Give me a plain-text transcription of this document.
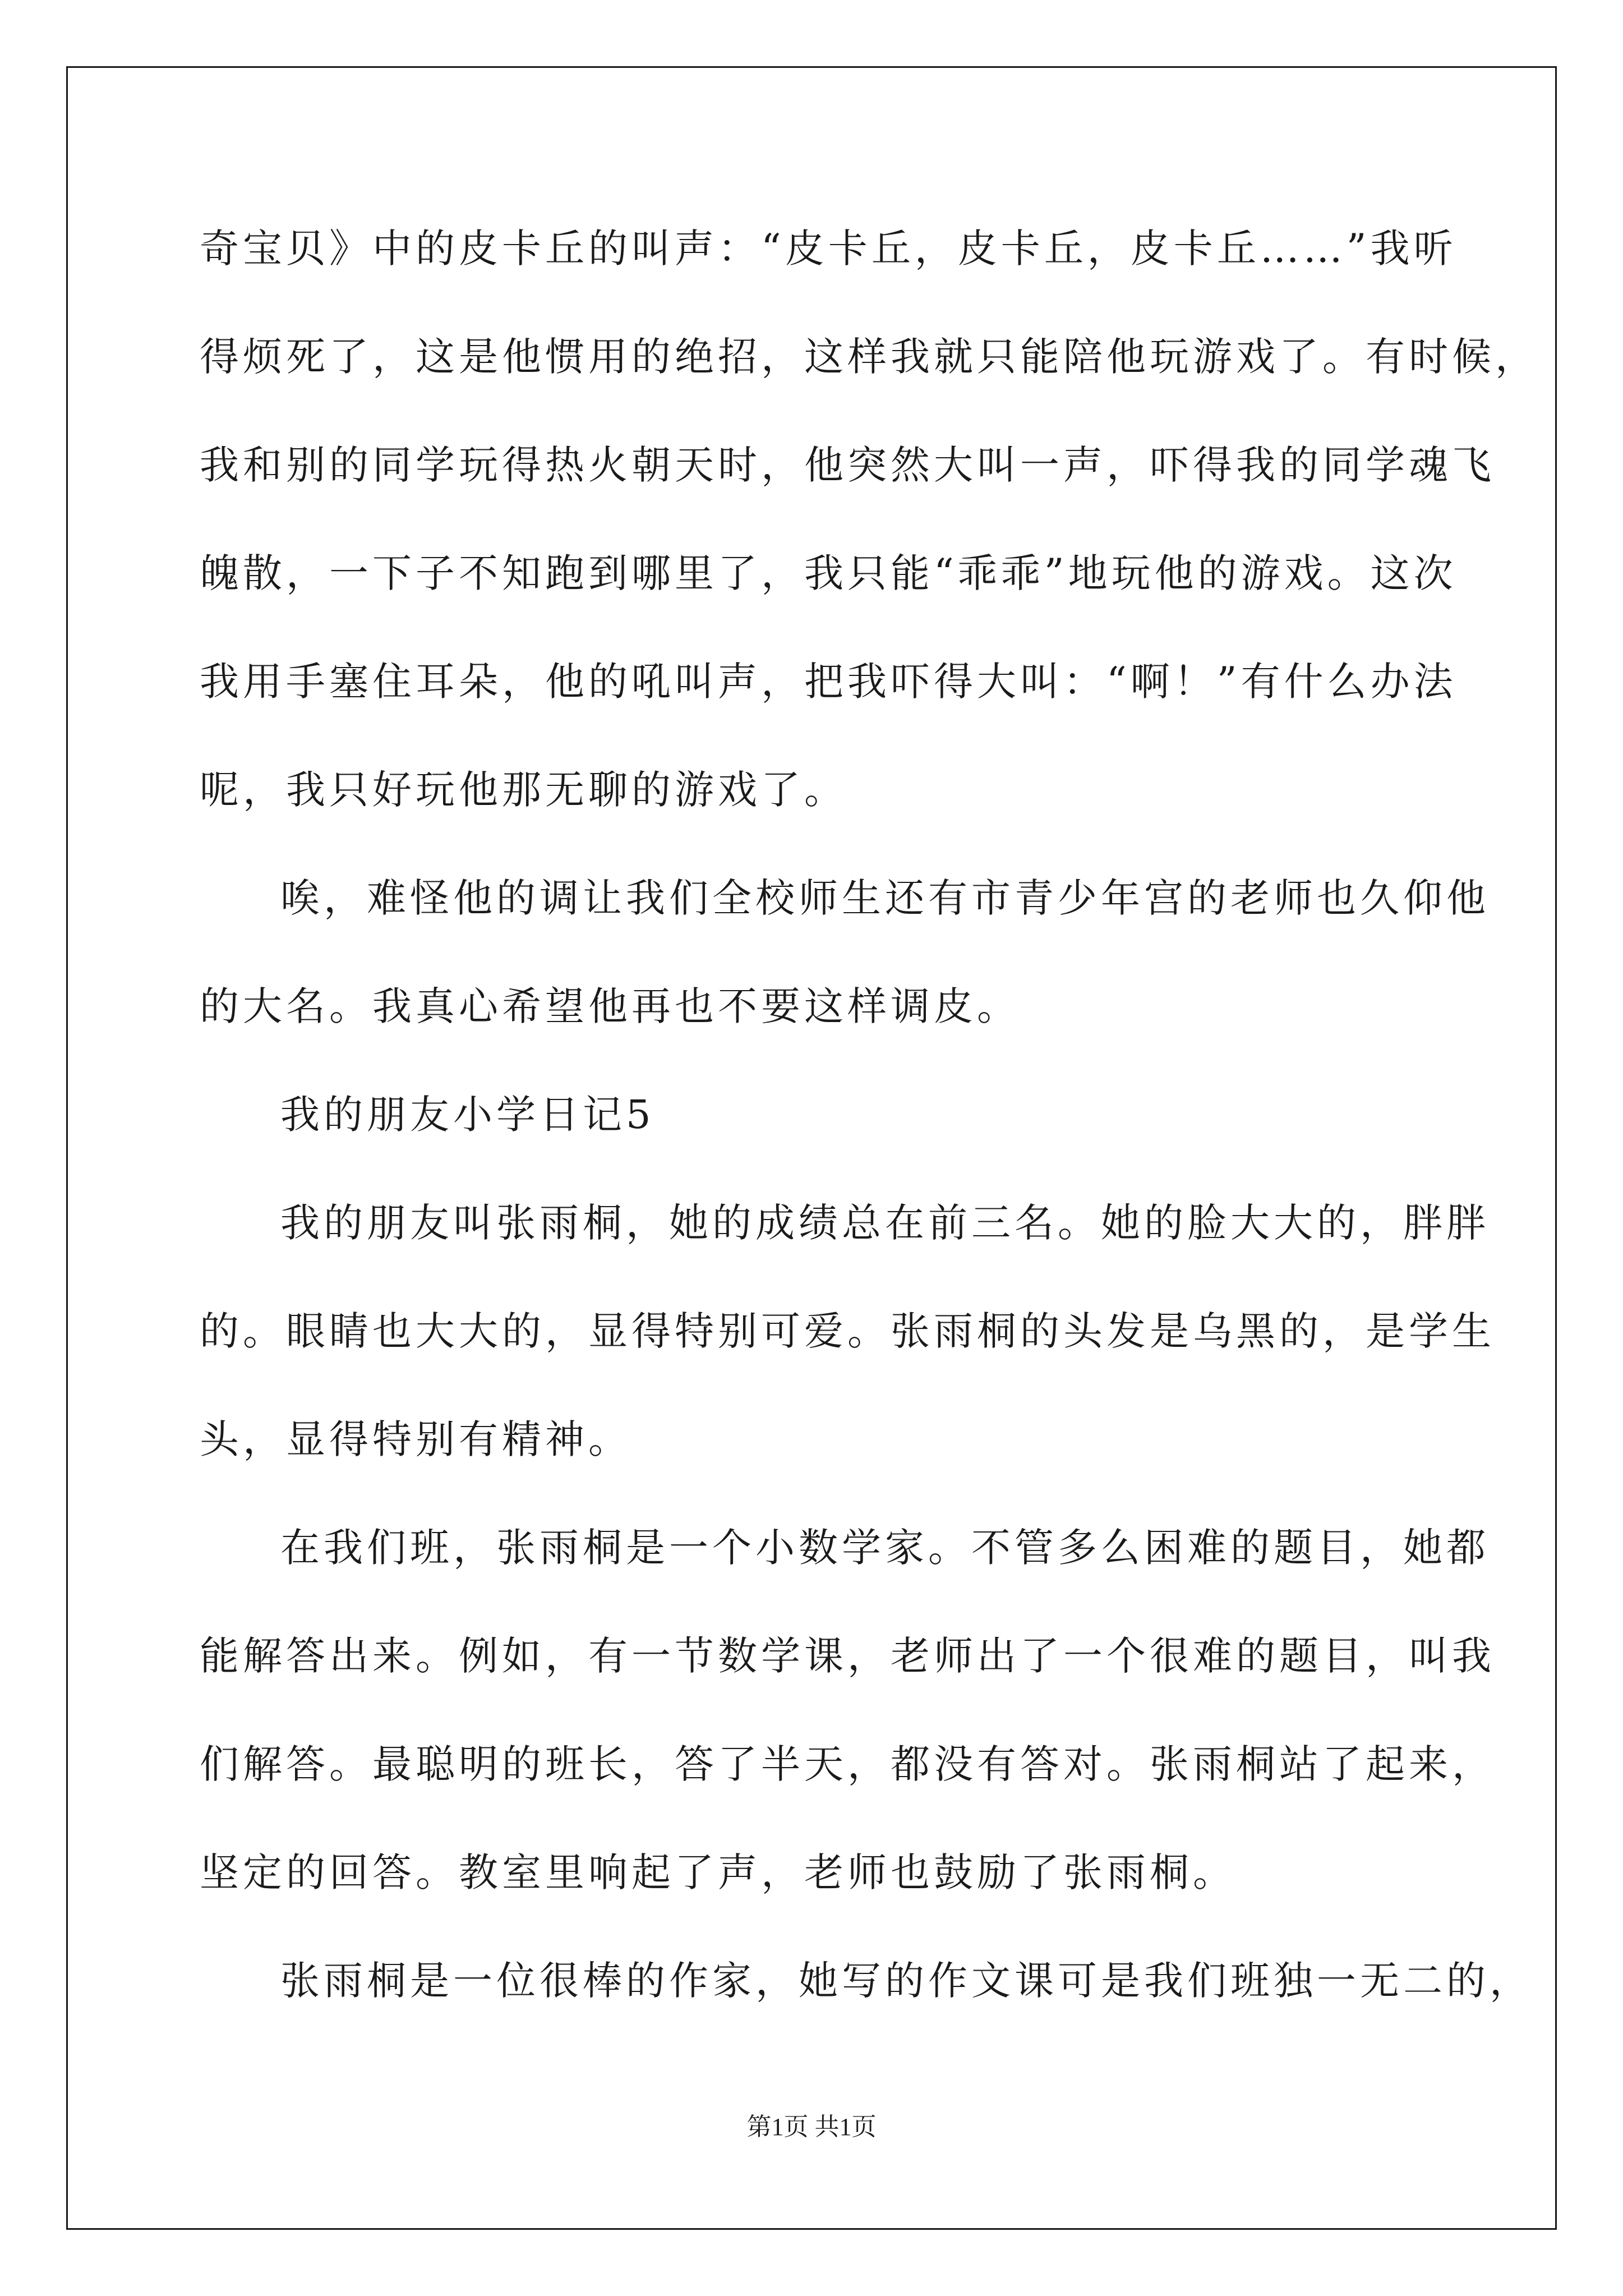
奇宝贝》中的皮卡丘的叫声：“皮卡丘，皮卡丘，皮卡丘……”我听
得烦死了，这是他惯用的绝招，这样我就只能陪他玩游戏了。有时候，
我和别的同学玩得热火朝天时，他突然大叫一声，吓得我的同学魂飞
魄散，一下子不知跑到哪里了，我只能“乖乖”地玩他的游戏。这次
我用手塞住耳朵，他的吼叫声，把我吓得大叫：“啊！”有什么办法
呢，我只好玩他那无聊的游戏了。
唉，难怪他的调让我们全校师生还有市青少年宫的老师也久仰他
的大名。我真心希望他再也不要这样调皮。
我的朋友小学日记5
我的朋友叫张雨桐，她的成绩总在前三名。她的脸大大的，胖胖
的。眼睛也大大的，显得特别可爱。张雨桐的头发是乌黑的，是学生
头，显得特别有精神。
在我们班，张雨桐是一个小数学家。不管多么困难的题目，她都
能解答出来。例如，有一节数学课，老师出了一个很难的题目，叫我
们解答。最聪明的班长，答了半天，都没有答对。张雨桐站了起来，
坚定的回答。教室里响起了声，老师也鼓励了张雨桐。
张雨桐是一位很棒的作家，她写的作文课可是我们班独一无二的，
第1页 共1页
